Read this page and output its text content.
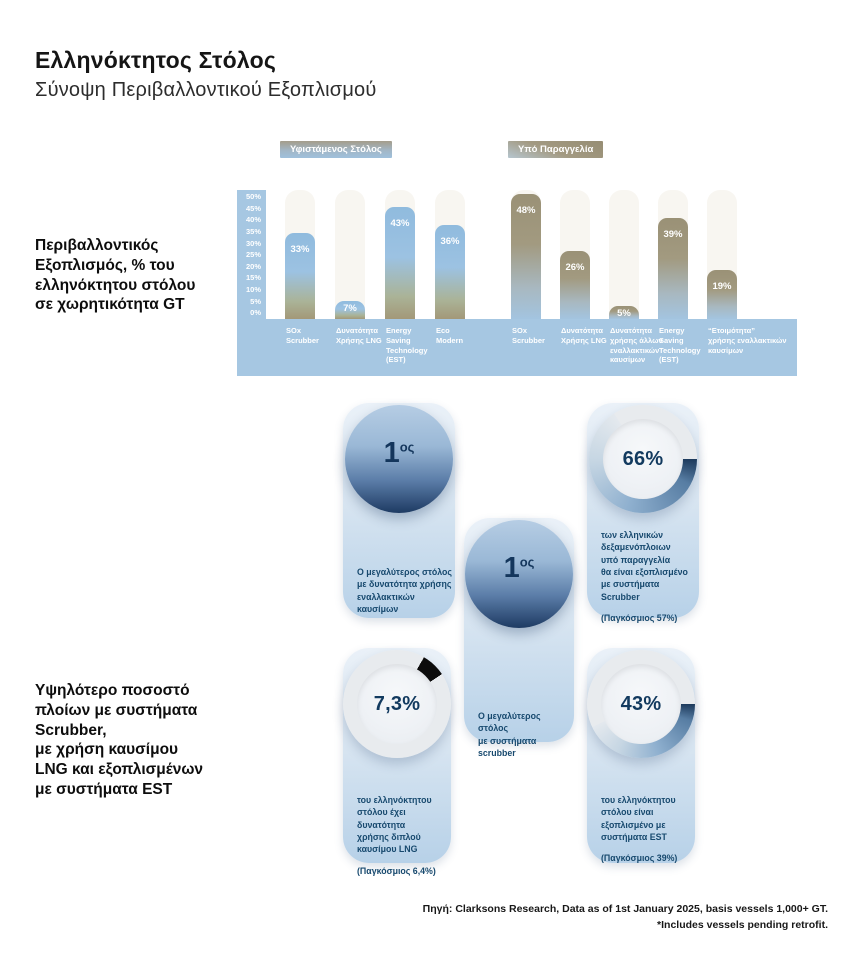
Ελληνόκτητος Στόλος
Σύνοψη Περιβαλλοντικού Εξοπλισμού
Περιβαλλοντικός
Εξοπλισμός, % του
ελληνόκτητου στόλου
σε χωρητικότητα GT
Υψηλότερο ποσοστό
πλοίων με συστήματα
Scrubber,
με χρήση καυσίμου
LNG και εξοπλισμένων
με συστήματα EST
Υφιστάμενος Στόλος	Υπό Παραγγελία
50%
45%
40%
35%
30%
25%
20%
15%
10%
5%
0%
33%
SOx
Scrubber
7%
Δυνατότητα
Χρήσης LNG
43%
Energy
Saving
Technology
(EST)
36%
Eco
Modern
48%
SOx
Scrubber
26%
Δυνατότητα
Χρήσης LNG
5%
Δυνατότητα
χρήσης άλλων
εναλλακτικών
καυσίμων
39%
Energy
Saving
Technology
(EST)
19%
“Ετοιμότητα”
χρήσης εναλλακτικών
καυσίμων
$1^{o\varsigma}$
Ο μεγαλύτερος στόλος
με δυνατότητα χρήσης
εναλλακτικών καυσίμων
66%
των ελληνικών
δεξαμενόπλοιων
υπό παραγγελία
θα είναι εξοπλισμένο
με συστήματα Scrubber
(Παγκόσμιος 57%)
$1^{o\varsigma}$
Ο μεγαλύτερος στόλος
με συστήματα scrubber
7,3%
του ελληνόκτητου
στόλου έχει δυνατότητα
χρήσης διπλού
καυσίμου LNG
(Παγκόσμιος 6,4%)
43%
του ελληνόκτητου
στόλου είναι
εξοπλισμένο με
συστήματα EST
(Παγκόσμιος 39%)
Πηγή: Clarksons Research, Data as of 1st January 2025, basis vessels 1,000+ GT.
*Includes vessels pending retrofit.
